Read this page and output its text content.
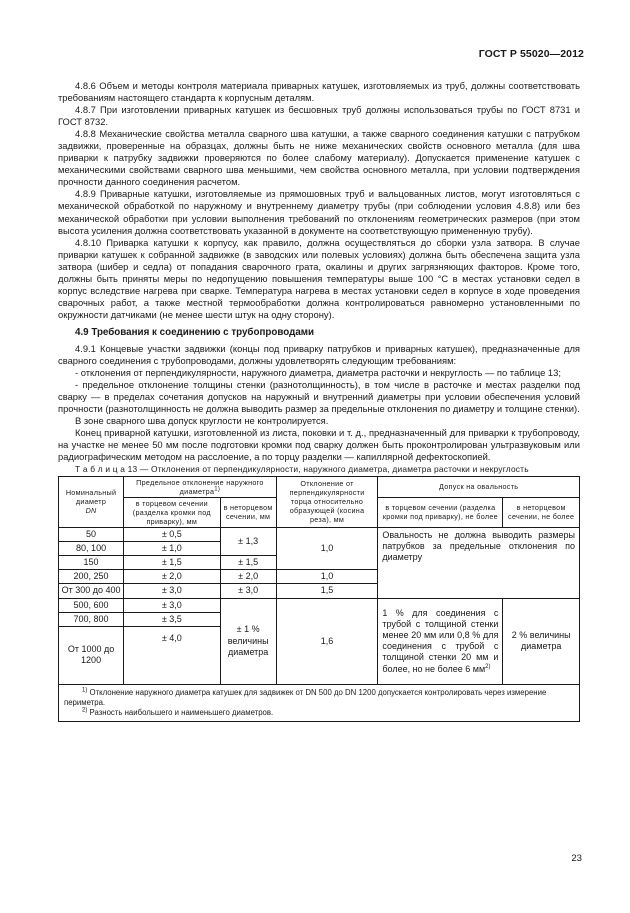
ГОСТ Р 55020—2012

4.8.6 Объем и методы контроля материала приварных катушек, изготовляемых из труб, должны соответствовать требованиям настоящего стандарта к корпусным деталям.

4.8.7 При изготовлении приварных катушек из бесшовных труб должны использоваться трубы по ГОСТ 8731 и ГОСТ 8732.

4.8.8 Механические свойства металла сварного шва катушки, а также сварного соединения катушки с патрубком задвижки, проверенные на образцах, должны быть не ниже механических свойств основного металла (для шва приварки к патрубку задвижки проверяются по более слабому материалу). Допускается применение катушек с механическими свойствами сварного шва меньшими, чем свойства основного металла, при условии подтверждения прочности данного соединения расчетом.

4.8.9 Приварные катушки, изготовляемые из прямошовных труб и вальцованных листов, могут изготовляться с механической обработкой по наружному и внутреннему диаметру трубы (при соблюдении условия 4.8.8) или без механической обработки при условии выполнения требований по отклонениям геометрических размеров (при этом высота усиления должна соответствовать указанной в документе на соответствующую примененную трубу).

4.8.10 Приварка катушки к корпусу, как правило, должна осуществляться до сборки узла затвора. В случае приварки катушек к собранной задвижке (в заводских или полевых условиях) должна быть обеспечена защита узла затвора (шибер и седла) от попадания сварочного грата, окалины и других загрязняющих факторов. Кроме того, должны быть приняты меры по недопущению повышения температуры выше 100 °С в местах установки седел в корпус вследствие нагрева при сварке. Температура нагрева в местах установки седел в корпусе в ходе проведения сварочных работ, а также местной термообработки должна контролироваться равномерно установленными по окружности датчиками (не менее шести штук на одну сторону).

4.9 Требования к соединению с трубопроводами

4.9.1 Концевые участки задвижки (концы под приварку патрубков и приварных катушек), предназначенные для сварного соединения с трубопроводами, должны удовлетворять следующим требованиям:

- отклонения от перпендикулярности, наружного диаметра, диаметра расточки и некруглость — по таблице 13;

- предельное отклонение толщины стенки (разнотолщинность), в том числе в расточке и местах разделки под сварку — в пределах сочетания допусков на наружный и внутренний диаметры при условии обеспечения условий прочности (разнотолщинность не должна выводить размер за предельные отклонения по диаметру и толщине стенки).

В зоне сварного шва допуск круглости не контролируется.

Конец приварной катушки, изготовленной из листа, поковки и т. д., предназначенный для приварки к трубопроводу, на участке не менее 50 мм после подготовки кромки под сварку должен быть проконтролирован ультразвуковым или радиографическим методом на расслоение, а по торцу разделки — капиллярной дефектоскопией.

Т а б л и ц а 13 — Отклонения от перпендикулярности, наружного диаметра, диаметра расточки и некруглость

Номинальный диаметр
DN	Предельное отклонение наружного диаметра$^{1)}$		Отклонение от перпендикулярности торца относительно образующей (косина реза), мм	Допуск на овальность	
	в торцевом сечении (разделка кромки под приварку), мм	в неторцевом сечении, мм		в торцевом сечении (разделка кромки под приварку), не более	в неторцевом сечении, не более
50	± 0,5	± 1,3	1,0	Овальность не должна выводить размеры патрубков за предельные отклонения по диаметру	
80, 100	± 1,0				
150	± 1,5	± 1,5			
200, 250	± 2,0	± 2,0	1,0		
От 300 до 400	± 3,0	± 3,0	1,5		
500, 600	± 3,0	± 1 % величины диаметра	1,6	1 % для соединения с трубой с толщиной стенки менее 20 мм или 0,8 % для соединения с трубой с толщиной стенки 20 мм и более, но не более 6 $мм^{2)}$	2 % величины диаметра
700, 800	± 3,5				
От 1000 до 1200	± 4,0				

$^{1)}$ Отклонение наружного диаметра катушек для задвижек от DN 500 до DN 1200 допускается контролировать через измерение периметра.

$^{2)}$ Разность наибольшего и наименьшего диаметров.					

23
